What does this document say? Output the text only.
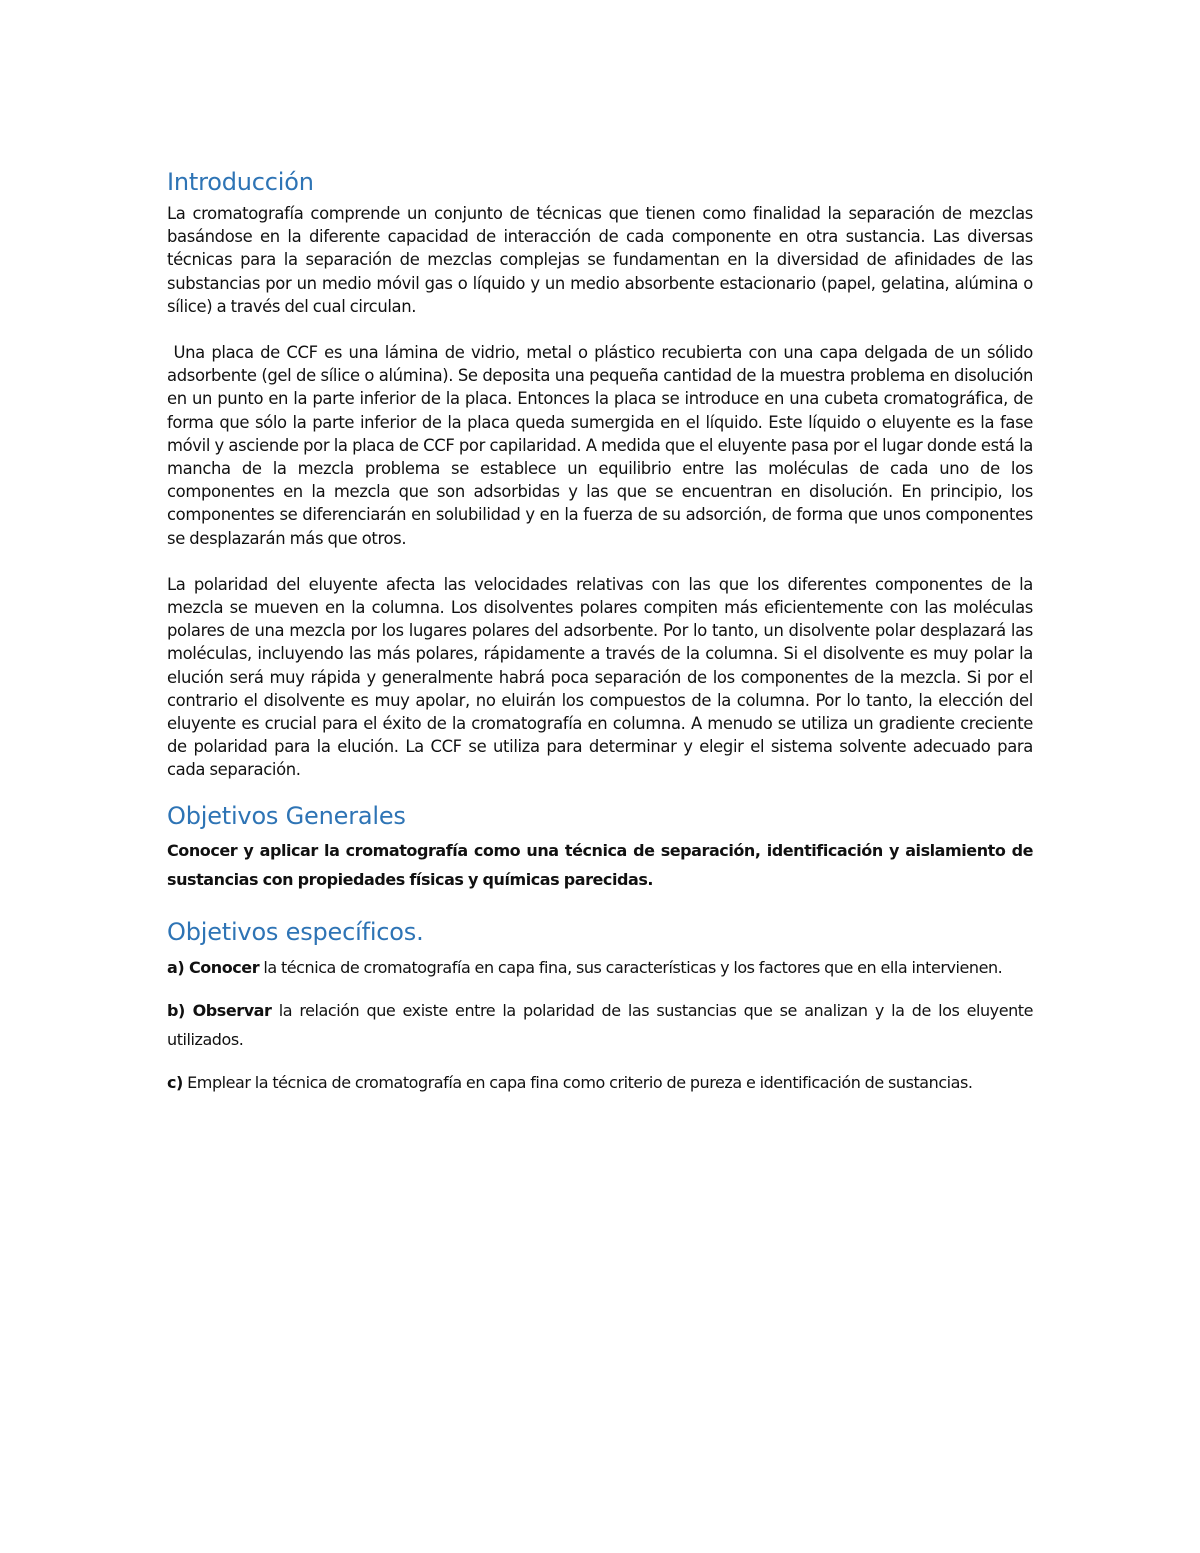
Introducción

La cromatografía comprende un conjunto de técnicas que tienen como finalidad la separación de mezclas basándose en la diferente capacidad de interacción de cada componente en otra sustancia. Las diversas técnicas para la separación de mezclas complejas se fundamentan en la diversidad de afinidades de las substancias por un medio móvil gas o líquido y un medio absorbente estacionario (papel, gelatina, alúmina o sílice) a través del cual circulan.

Una placa de CCF es una lámina de vidrio, metal o plástico recubierta con una capa delgada de un sólido adsorbente (gel de sílice o alúmina). Se deposita una pequeña cantidad de la muestra problema en disolución en un punto en la parte inferior de la placa. Entonces la placa se introduce en una cubeta cromatográfica, de forma que sólo la parte inferior de la placa queda sumergida en el líquido. Este líquido o eluyente es la fase móvil y asciende por la placa de CCF por capilaridad. A medida que el eluyente pasa por el lugar donde está la mancha de la mezcla problema se establece un equilibrio entre las moléculas de cada uno de los componentes en la mezcla que son adsorbidas y las que se encuentran en disolución. En principio, los componentes se diferenciarán en solubilidad y en la fuerza de su adsorción, de forma que unos componentes se desplazarán más que otros.

La polaridad del eluyente afecta las velocidades relativas con las que los diferentes componentes de la mezcla se mueven en la columna. Los disolventes polares compiten más eficientemente con las moléculas polares de una mezcla por los lugares polares del adsorbente. Por lo tanto, un disolvente polar desplazará las moléculas, incluyendo las más polares, rápidamente a través de la columna. Si el disolvente es muy polar la elución será muy rápida y generalmente habrá poca separación de los componentes de la mezcla. Si por el contrario el disolvente es muy apolar, no eluirán los compuestos de la columna. Por lo tanto, la elección del eluyente es crucial para el éxito de la cromatografía en columna. A menudo se utiliza un gradiente creciente de polaridad para la elución. La CCF se utiliza para determinar y elegir el sistema solvente adecuado para cada separación.

Objetivos Generales

Conocer y aplicar la cromatografía como una técnica de separación, identificación y aislamiento de sustancias con propiedades físicas y químicas parecidas.

Objetivos específicos.

a) Conocer la técnica de cromatografía en capa fina, sus características y los factores que en ella intervienen.

b) Observar la relación que existe entre la polaridad de las sustancias que se analizan y la de los eluyente utilizados.

c) Emplear la técnica de cromatografía en capa fina como criterio de pureza e identificación de sustancias.
